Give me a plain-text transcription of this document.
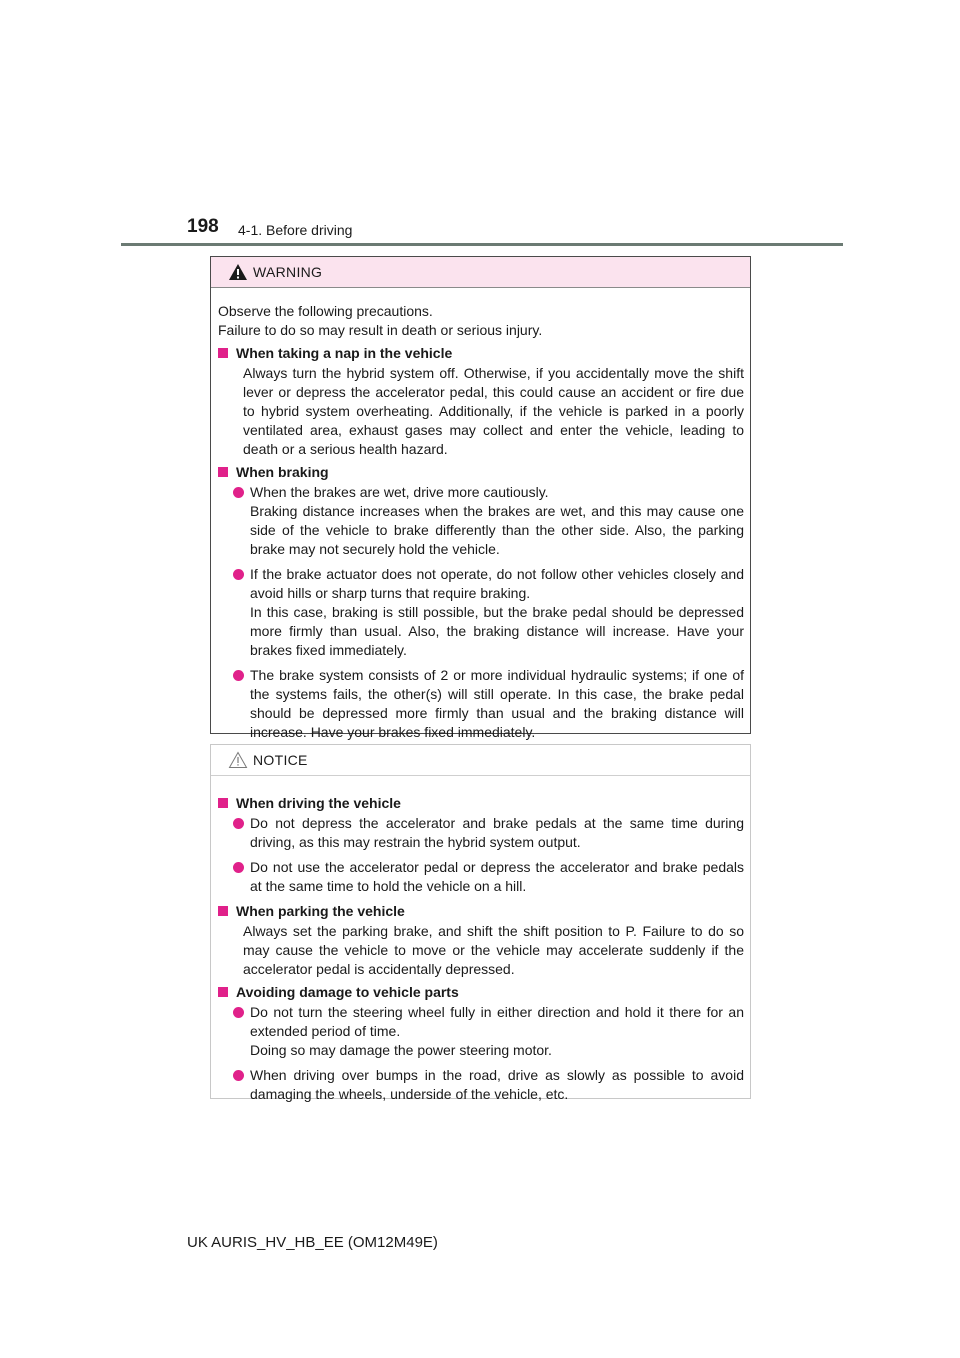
198 4-1. Before driving
WARNING
Observe the following precautions.
Failure to do so may result in death or serious injury.
When taking a nap in the vehicle
Always turn the hybrid system off. Otherwise, if you accidentally move the shift lever or depress the accelerator pedal, this could cause an accident or fire due to hybrid system overheating. Additionally, if the vehicle is parked in a poorly ventilated area, exhaust gases may collect and enter the vehicle, leading to death or a serious health hazard.
When braking

When the brakes are wet, drive more cautiously.

Braking distance increases when the brakes are wet, and this may cause one side of the vehicle to brake differently than the other side. Also, the parking brake may not securely hold the vehicle.

If the brake actuator does not operate, do not follow other vehicles closely and avoid hills or sharp turns that require braking.

In this case, braking is still possible, but the brake pedal should be depressed more firmly than usual. Also, the braking distance will increase. Have your brakes fixed immediately.

The brake system consists of 2 or more individual hydraulic systems; if one of the systems fails, the other(s) will still operate. In this case, the brake pedal should be depressed more firmly than usual and the braking distance will increase. Have your brakes fixed immediately.

NOTICE
When driving the vehicle

Do not depress the accelerator and brake pedals at the same time during driving, as this may restrain the hybrid system output.

Do not use the accelerator pedal or depress the accelerator and brake pedals at the same time to hold the vehicle on a hill.

When parking the vehicle
Always set the parking brake, and shift the shift position to P. Failure to do so may cause the vehicle to move or the vehicle may accelerate suddenly if the accelerator pedal is accidentally depressed.
Avoiding damage to vehicle parts

Do not turn the steering wheel fully in either direction and hold it there for an extended period of time.

Doing so may damage the power steering motor.

When driving over bumps in the road, drive as slowly as possible to avoid damaging the wheels, underside of the vehicle, etc.

UK AURIS_HV_HB_EE (OM12M49E)
